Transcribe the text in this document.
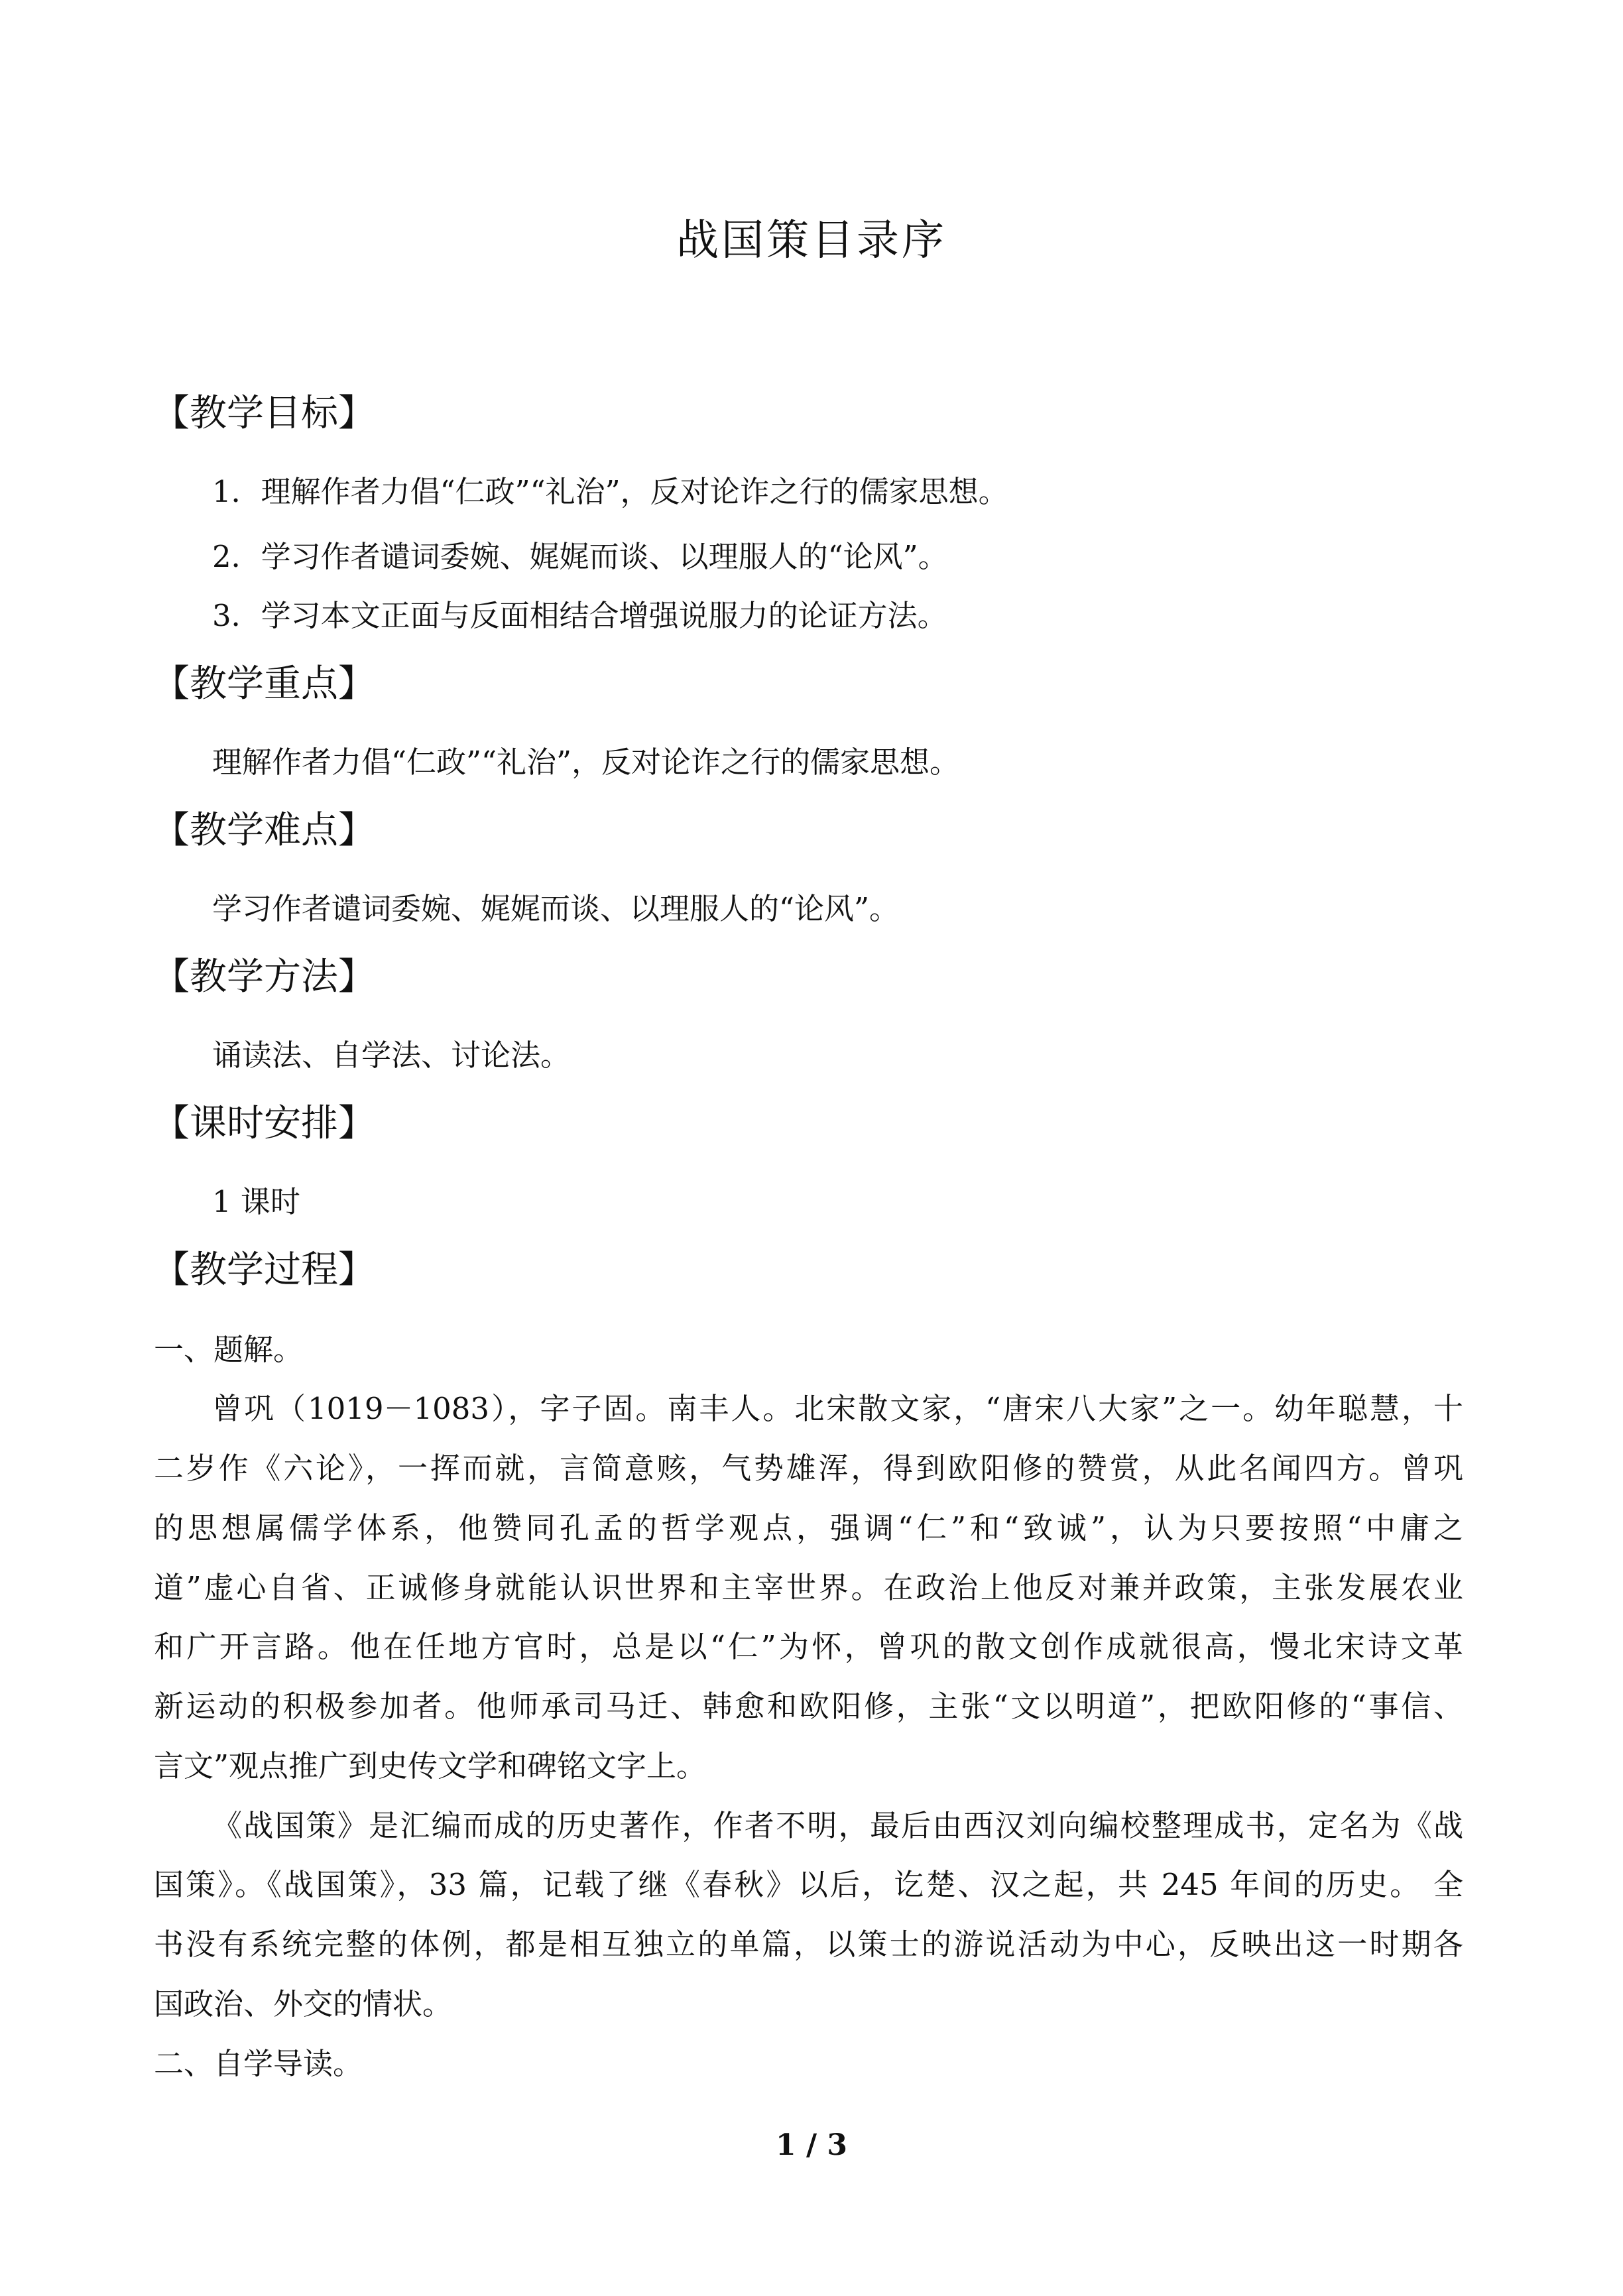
战国策目录序
【教学目标】
1．理解作者力倡“仁政”“礼治”，反对论诈之行的儒家思想。
2．学习作者谴词委婉、娓娓而谈、以理服人的“论风”。
3．学习本文正面与反面相结合增强说服力的论证方法。
【教学重点】
理解作者力倡“仁政”“礼治”，反对论诈之行的儒家思想。
【教学难点】
学习作者谴词委婉、娓娓而谈、以理服人的“论风”。
【教学方法】
诵读法、自学法、讨论法。
【课时安排】
1 课时
【教学过程】
一、题解。
曾巩（1019－1083），字子固。南丰人。北宋散文家，“唐宋八大家”之一。幼年聪慧，十
二岁作《六论》，一挥而就，言简意赅，气势雄浑，得到欧阳修的赞赏，从此名闻四方。曾巩
的思想属儒学体系，他赞同孔孟的哲学观点，强调“仁”和“致诚”，认为只要按照“中庸之
道”虚心自省、正诚修身就能认识世界和主宰世界。在政治上他反对兼并政策，主张发展农业
和广开言路。他在任地方官时，总是以“仁”为怀，曾巩的散文创作成就很高，慢北宋诗文革
新运动的积极参加者。他师承司马迁、韩愈和欧阳修，主张“文以明道”，把欧阳修的“事信、
言文”观点推广到史传文学和碑铭文字上。
《战国策》是汇编而成的历史著作，作者不明，最后由西汉刘向编校整理成书，定名为《战
国策》。《战国策》，33 篇，记载了继《春秋》以后，讫楚、汉之起，共 245 年间的历史。 全
书没有系统完整的体例，都是相互独立的单篇，以策士的游说活动为中心，反映出这一时期各
国政治、外交的情状。
二、自学导读。
1 / 3
